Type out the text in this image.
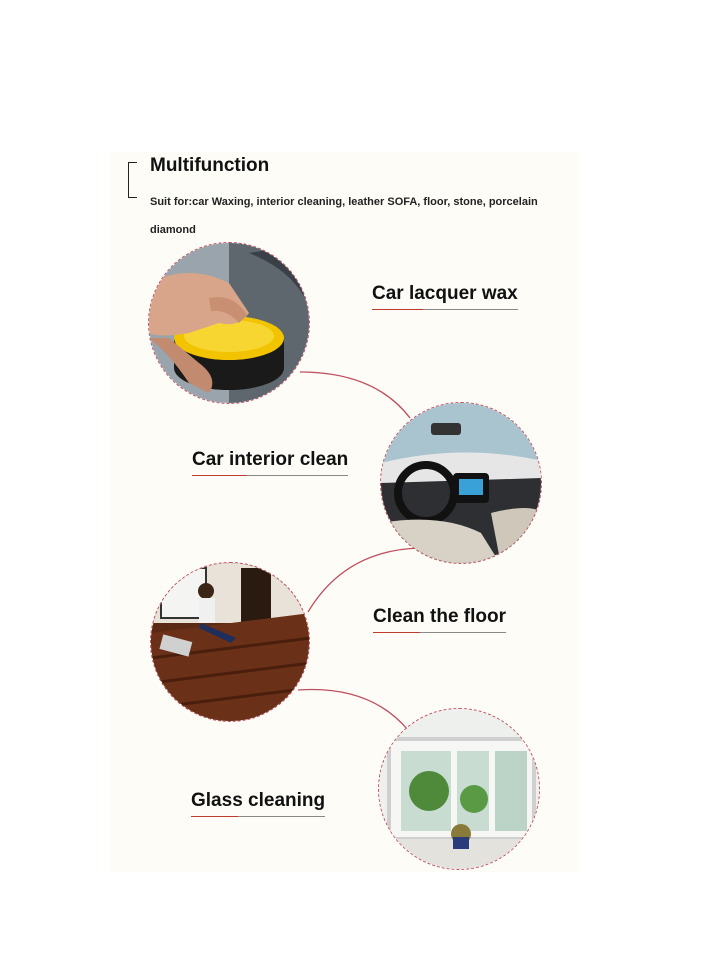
Multifunction
Suit for:car Waxing, interior cleaning, leather SOFA, floor, stone, porcelain diamond
Car lacquer wax
Car interior clean
Clean the floor
Glass cleaning
